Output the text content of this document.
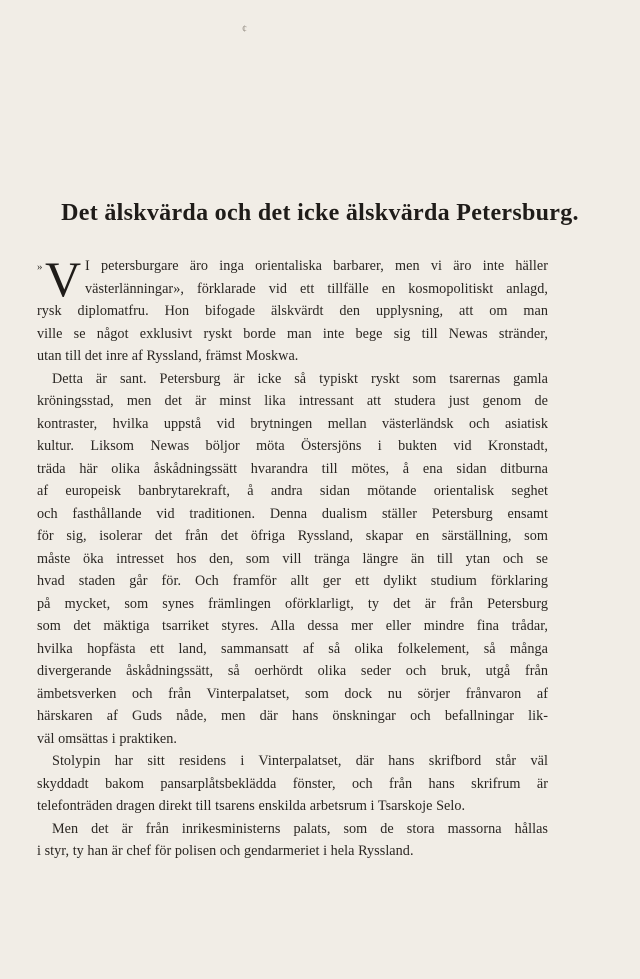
¢
Det älskvärda och det icke älskvärda Petersburg.
» V I petersburgare äro inga orientaliska barbarer, men vi äro inte häller
västerlänningar», förklarade vid ett tillfälle en kosmopolitiskt anlagd,
rysk diplomatfru. Hon bifogade älskvärdt den upplysning, att om man
ville se något exklusivt ryskt borde man inte bege sig till Newas stränder,
utan till det inre af Ryssland, främst Moskwa.
Detta är sant. Petersburg är icke så typiskt ryskt som tsarernas gamla
kröningsstad, men det är minst lika intressant att studera just genom de
kontraster, hvilka uppstå vid brytningen mellan västerländsk och asiatisk
kultur. Liksom Newas böljor möta Östersjöns i bukten vid Kronstadt,
träda här olika åskådningssätt hvarandra till mötes, å ena sidan ditburna
af europeisk banbrytarekraft, å andra sidan mötande orientalisk seghet
och fasthållande vid traditionen. Denna dualism ställer Petersburg ensamt
för sig, isolerar det från det öfriga Ryssland, skapar en särställning, som
måste öka intresset hos den, som vill tränga längre än till ytan och se
hvad staden går för. Och framför allt ger ett dylikt studium förklaring
på mycket, som synes främlingen oförklarligt, ty det är från Petersburg
som det mäktiga tsarriket styres. Alla dessa mer eller mindre fina trådar,
hvilka hopfästa ett land, sammansatt af så olika folkelement, så många
divergerande åskådningssätt, så oerhördt olika seder och bruk, utgå från
ämbetsverken och från Vinterpalatset, som dock nu sörjer frånvaron af
härskaren af Guds nåde, men där hans önskningar och befallningar lik-
väl omsättas i praktiken.
Stolypin har sitt residens i Vinterpalatset, där hans skrifbord står väl
skyddadt bakom pansarplåtsbeklädda fönster, och från hans skrifrum är
telefonträden dragen direkt till tsarens enskilda arbetsrum i Tsarskoje Selo.
Men det är från inrikesministerns palats, som de stora massorna hållas
i styr, ty han är chef för polisen och gendarmeriet i hela Ryssland.
